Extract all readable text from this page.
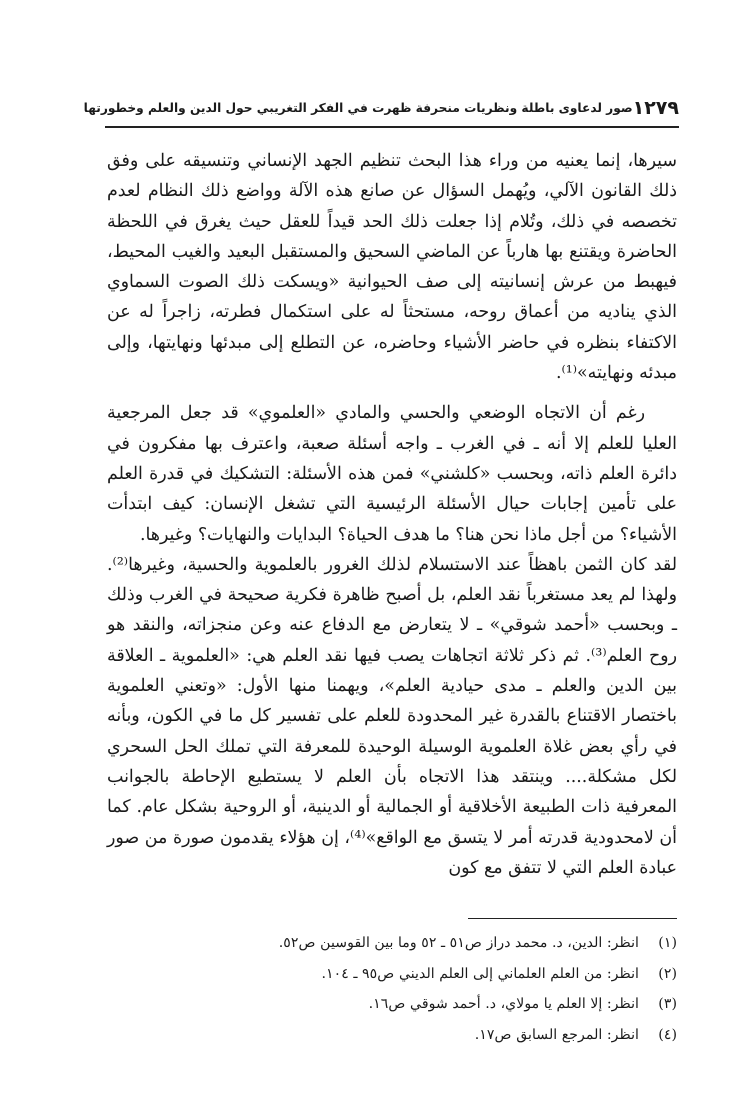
١٢٧٩
صور لدعاوى باطلة ونظريات منحرفة ظهرت في الفكر التغريبي حول الدين والعلم وخطورتها

سيرها، إنما يعنيه من وراء هذا البحث تنظيم الجهد الإنساني وتنسيقه على وفق ذلك القانون الآلي، ويُهمل السؤال عن صانع هذه الآلة وواضع ذلك النظام لعدم تخصصه في ذلك، وتُلام إذا جعلت ذلك الحد قيداً للعقل حيث يغرق في اللحظة الحاضرة ويقتنع بها هارباً عن الماضي السحيق والمستقبل البعيد والغيب المحيط، فيهبط من عرش إنسانيته إلى صف الحيوانية «ويسكت ذلك الصوت السماوي الذي يناديه من أعماق روحه، مستحثاً له على استكمال فطرته، زاجراً له عن الاكتفاء بنظره في حاضر الأشياء وحاضره، عن التطلع إلى مبدئها ونهايتها، وإلى مبدئه ونهايته»⁽¹⁾.

رغم أن الاتجاه الوضعي والحسي والمادي «العلموي» قد جعل المرجعية العليا للعلم إلا أنه ـ في الغرب ـ واجه أسئلة صعبة، واعترف بها مفكرون في دائرة العلم ذاته، وبحسب «كلشني» فمن هذه الأسئلة: التشكيك في قدرة العلم على تأمين إجابات حيال الأسئلة الرئيسية التي تشغل الإنسان: كيف ابتدأت الأشياء؟ من أجل ماذا نحن هنا؟ ما هدف الحياة؟ البدايات والنهايات؟ وغيرها.

لقد كان الثمن باهظاً عند الاستسلام لذلك الغرور بالعلموية والحسية، وغيرها⁽²⁾. ولهذا لم يعد مستغرباً نقد العلم، بل أصبح ظاهرة فكرية صحيحة في الغرب وذلك ـ وبحسب «أحمد شوقي» ـ لا يتعارض مع الدفاع عنه وعن منجزاته، والنقد هو روح العلم⁽³⁾. ثم ذكر ثلاثة اتجاهات يصب فيها نقد العلم هي: «العلموية ـ العلاقة بين الدين والعلم ـ مدى حيادية العلم»، ويهمنا منها الأول: «وتعني العلموية باختصار الاقتناع بالقدرة غير المحدودة للعلم على تفسير كل ما في الكون، وبأنه في رأي بعض غلاة العلموية الوسيلة الوحيدة للمعرفة التي تملك الحل السحري لكل مشكلة.... وينتقد هذا الاتجاه بأن العلم لا يستطيع الإحاطة بالجوانب المعرفية ذات الطبيعة الأخلاقية أو الجمالية أو الدينية، أو الروحية بشكل عام. كما أن لامحدودية قدرته أمر لا يتسق مع الواقع»⁽⁴⁾، إن هؤلاء يقدمون صورة من صور عبادة العلم التي لا تتفق مع كون

(١)
انظر: الدين، د. محمد دراز ص٥١ ـ ٥٢ وما بين القوسين ص٥٢.
(٢)
انظر: من العلم العلماني إلى العلم الديني ص٩٥ ـ ١٠٤.
(٣)
انظر: إلا العلم يا مولاي، د. أحمد شوقي ص١٦.
(٤)
انظر: المرجع السابق ص١٧.
